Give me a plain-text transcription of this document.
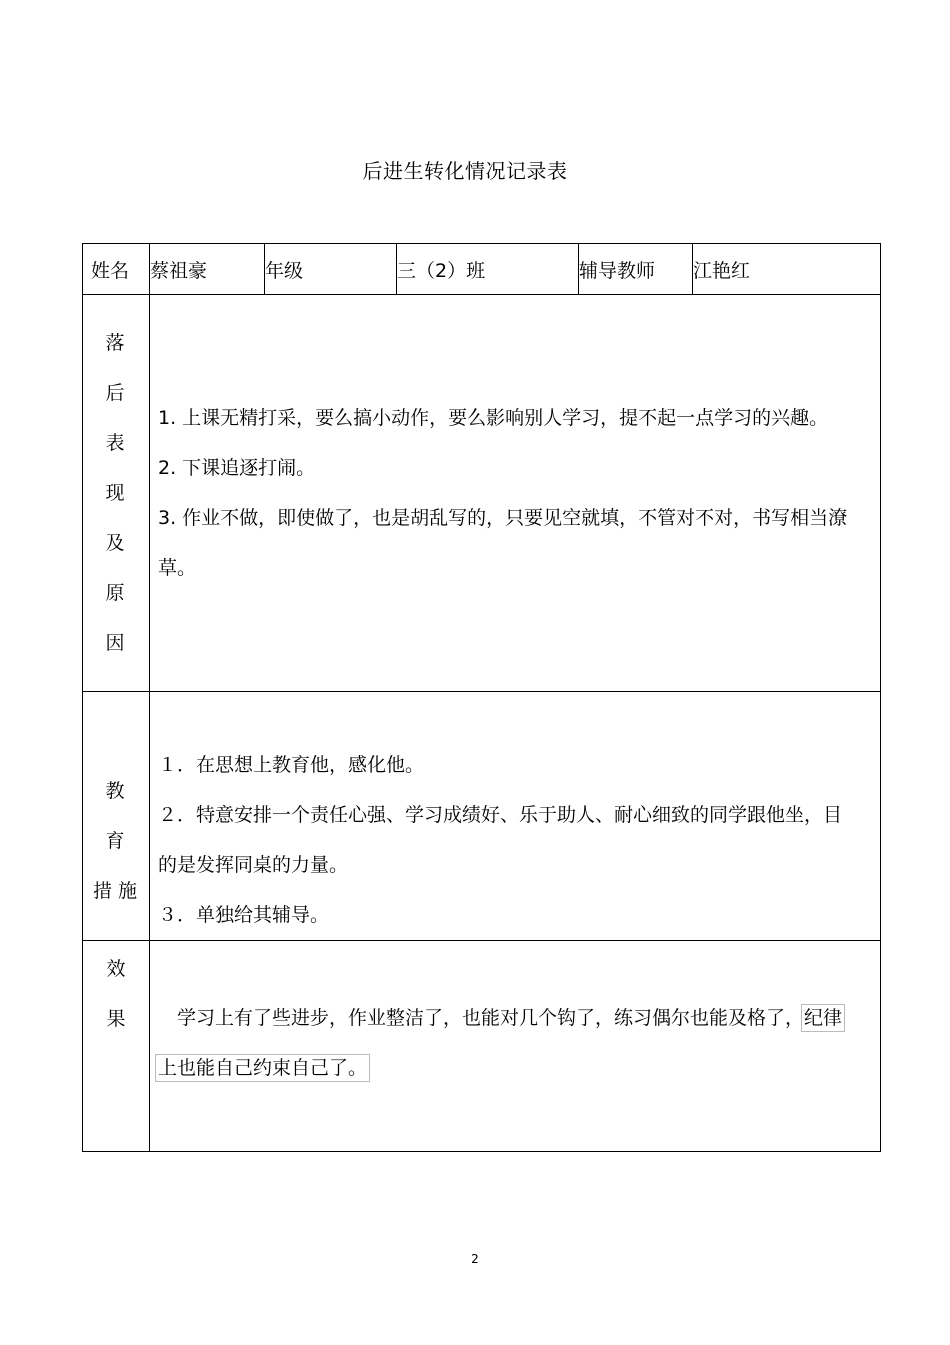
后进生转化情况记录表
姓名	蔡祖豪	年级	三（2）班	辅导教师	江艳红

落 后
表 现
及 原
因	1. 上课无精打采，要么搞小动作，要么影响别人学习，提不起一点学习的兴趣。
2. 下课追逐打闹。
3. 作业不做，即使做了，也是胡乱写的，只要见空就填，不管对不对，书写相当潦草。				

教 育
措施	１．在思想上教育他，感化他。
２．特意安排一个责任心强、学习成绩好、乐于助人、耐心细致的同学跟他坐，目的是发挥同桌的力量。
３．单独给其辅导。				

效
果	　学习上有了些进步，作业整洁了，也能对几个钩了，练习偶尔也能及格了，纪律上也能自己约束自己了。				
2
